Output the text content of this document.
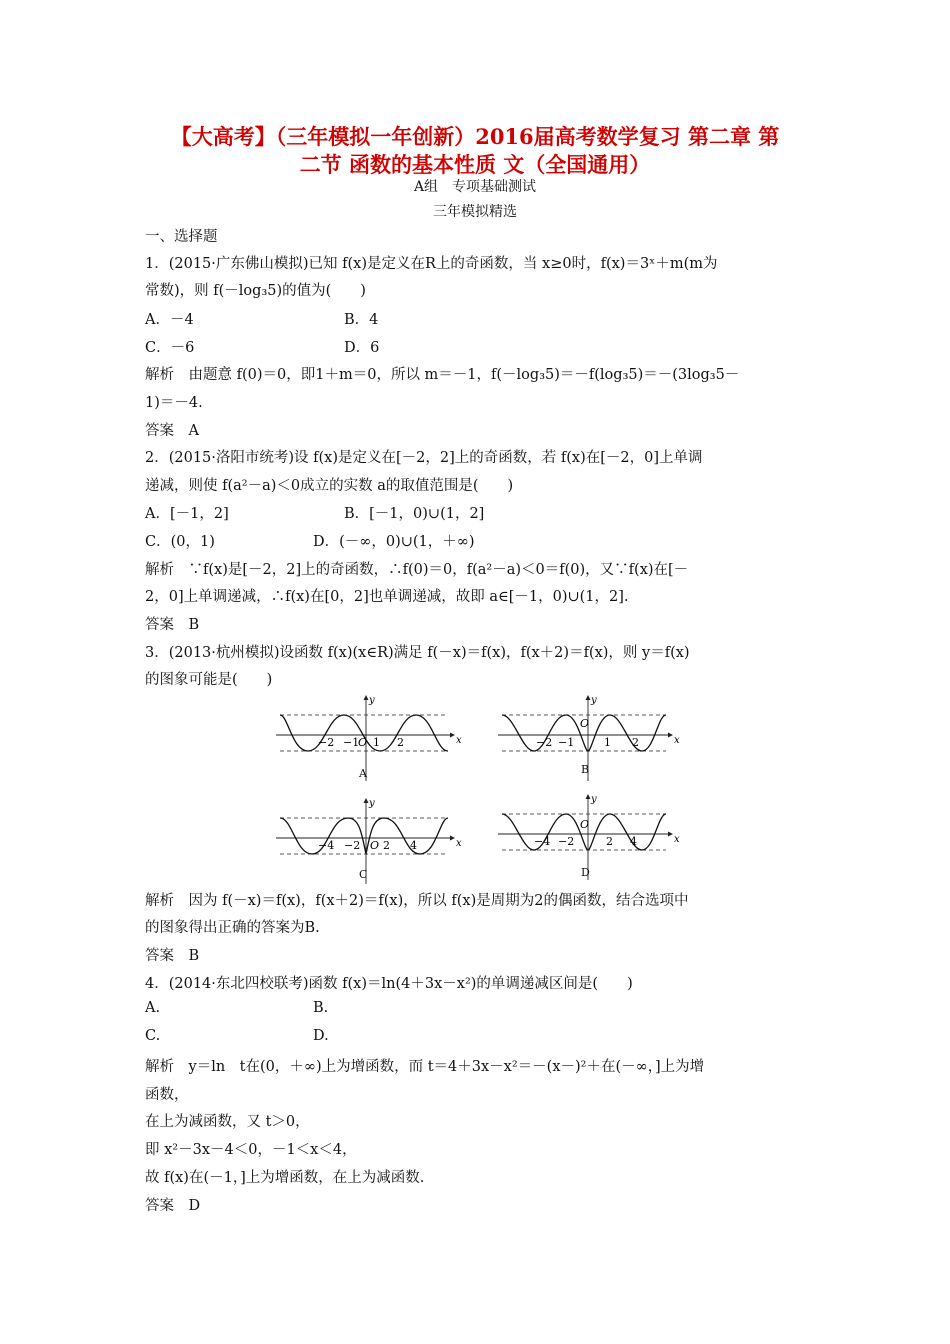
【大高考】（三年模拟一年创新）2016届高考数学复习 第二章 第
二节 函数的基本性质 文（全国通用）
A组　专项基础测试
三年模拟精选
一、选择题
1．(2015·广东佛山模拟)已知 f(x)是定义在R上的奇函数，当 x≥0时，f(x)＝3ˣ＋m(m为
常数)，则 f(－log₃5)的值为(　　)
A．－4	B．4
C．－6	D．6
解析　由题意 f(0)＝0，即1＋m＝0，所以 m＝－1，f(－log₃5)＝－f(log₃5)＝－(3log₃5－
1)＝－4.
答案　A
2．(2015·洛阳市统考)设 f(x)是定义在[－2，2]上的奇函数，若 f(x)在[－2，0]上单调
递减，则使 f(a²－a)＜0成立的实数 a的取值范围是(　　)
A．[－1，2]	B．[－1，0)∪(1，2]
C．(0，1)	D．(－∞，0)∪(1，＋∞)
解析　∵f(x)是[－2，2]上的奇函数，∴f(0)＝0，f(a²－a)＜0＝f(0)，又∵f(x)在[－
2，0]上单调递减，∴f(x)在[0，2]也单调递减，故即 a∈[－1，0)∪(1，2].
答案　B
3．(2013·杭州模拟)设函数 f(x)(x∈R)满足 f(－x)＝f(x)，f(x＋2)＝f(x)，则 y＝f(x)
的图象可能是(　　)
x
y
−2 −1
O 1 2
A
x
y
−2 −1
O
1 2
B
x
y
−4 −2 O 2 4
C
x
y
−4 −2
O
2 4
D
解析　因为 f(－x)＝f(x)，f(x＋2)＝f(x)，所以 f(x)是周期为2的偶函数，结合选项中
的图象得出正确的答案为B.
答案　B
4．(2014·东北四校联考)函数 f(x)＝ln(4＋3x－x²)的单调递减区间是(　　)
A.	B.
C.	D.
解析　y＝ln　t在(0，＋∞)上为增函数，而 t＝4＋3x－x²＝－(x－)²＋在(－∞，]上为增
函数，
在上为减函数，又 t＞0，
即 x²－3x－4＜0，－1＜x＜4，
故 f(x)在(－1，]上为增函数，在上为减函数.
答案　D
